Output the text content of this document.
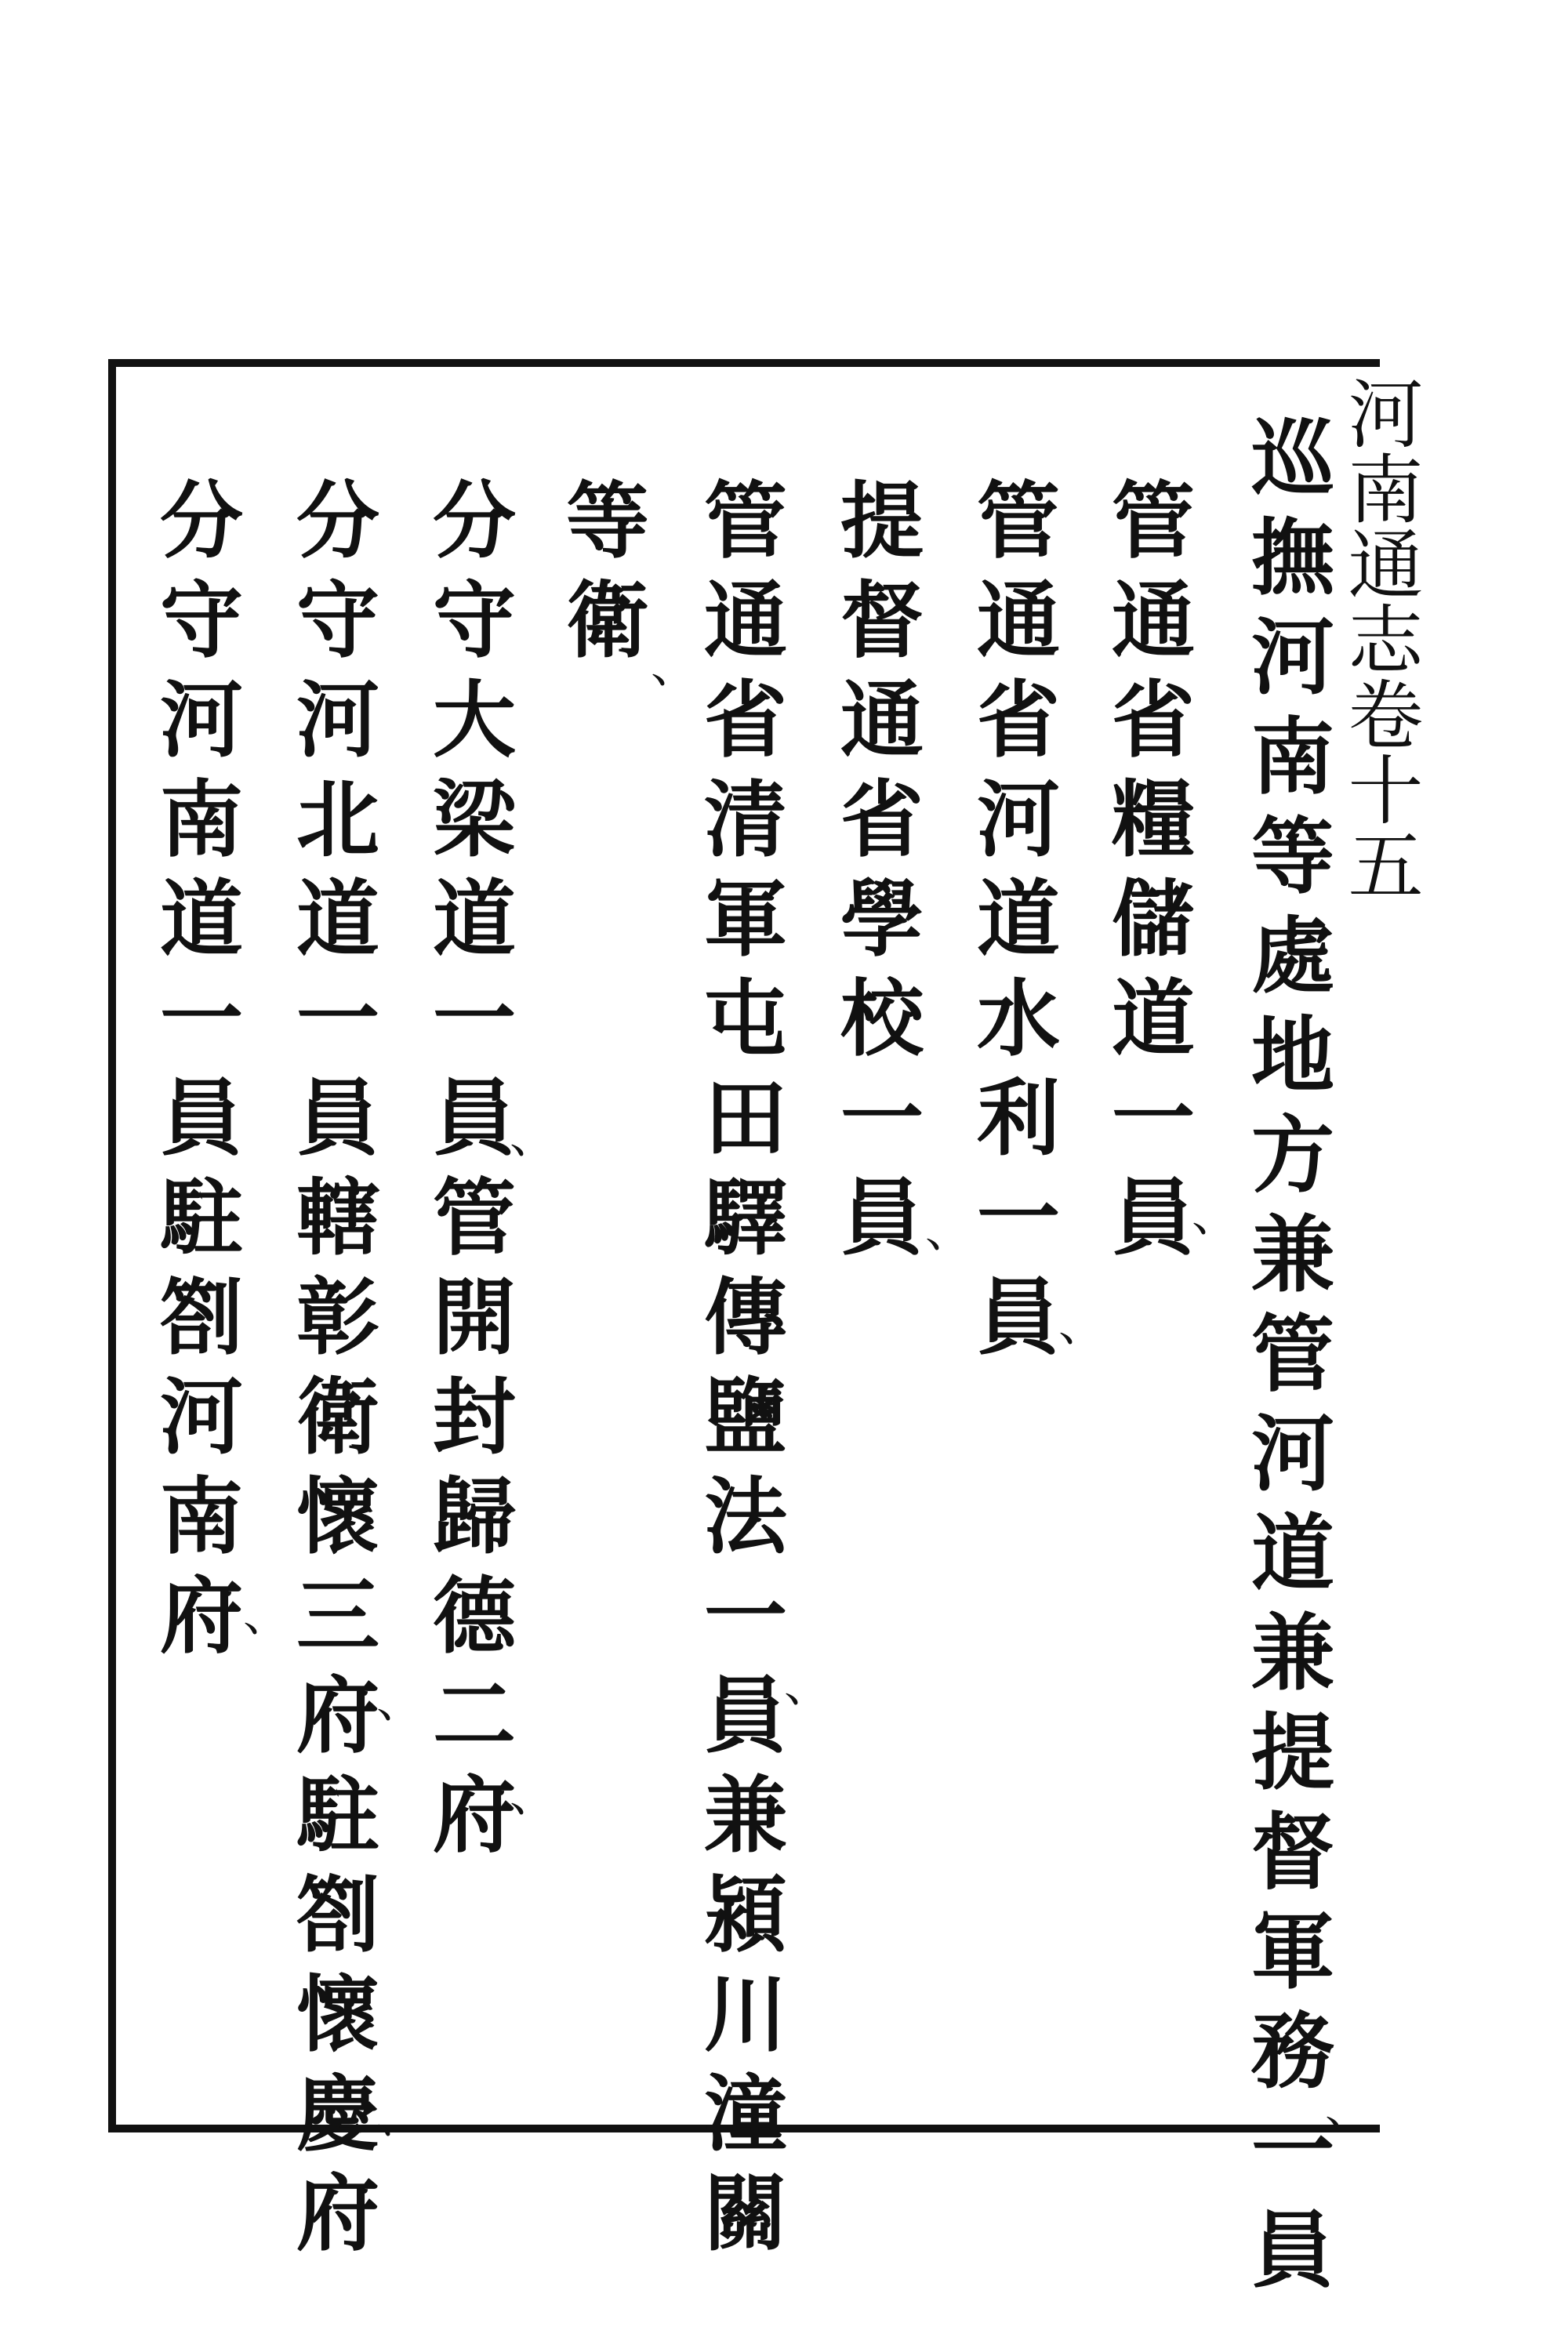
河南通志卷十五
巡撫河南等處地方兼管河道兼提督軍務一員
管通省糧儲道一員
管通省河道水利一員
提督通省學校一員
管通省清軍屯田驛傳鹽法一員兼潁川潼關
等衛
分守大梁道一員管開封歸德二府
分守河北道一員轄彰衛懷三府駐劄懷慶府
分守河南道一員駐劄河南府
、
、
、
、
、
、
、
、
、
、
、
